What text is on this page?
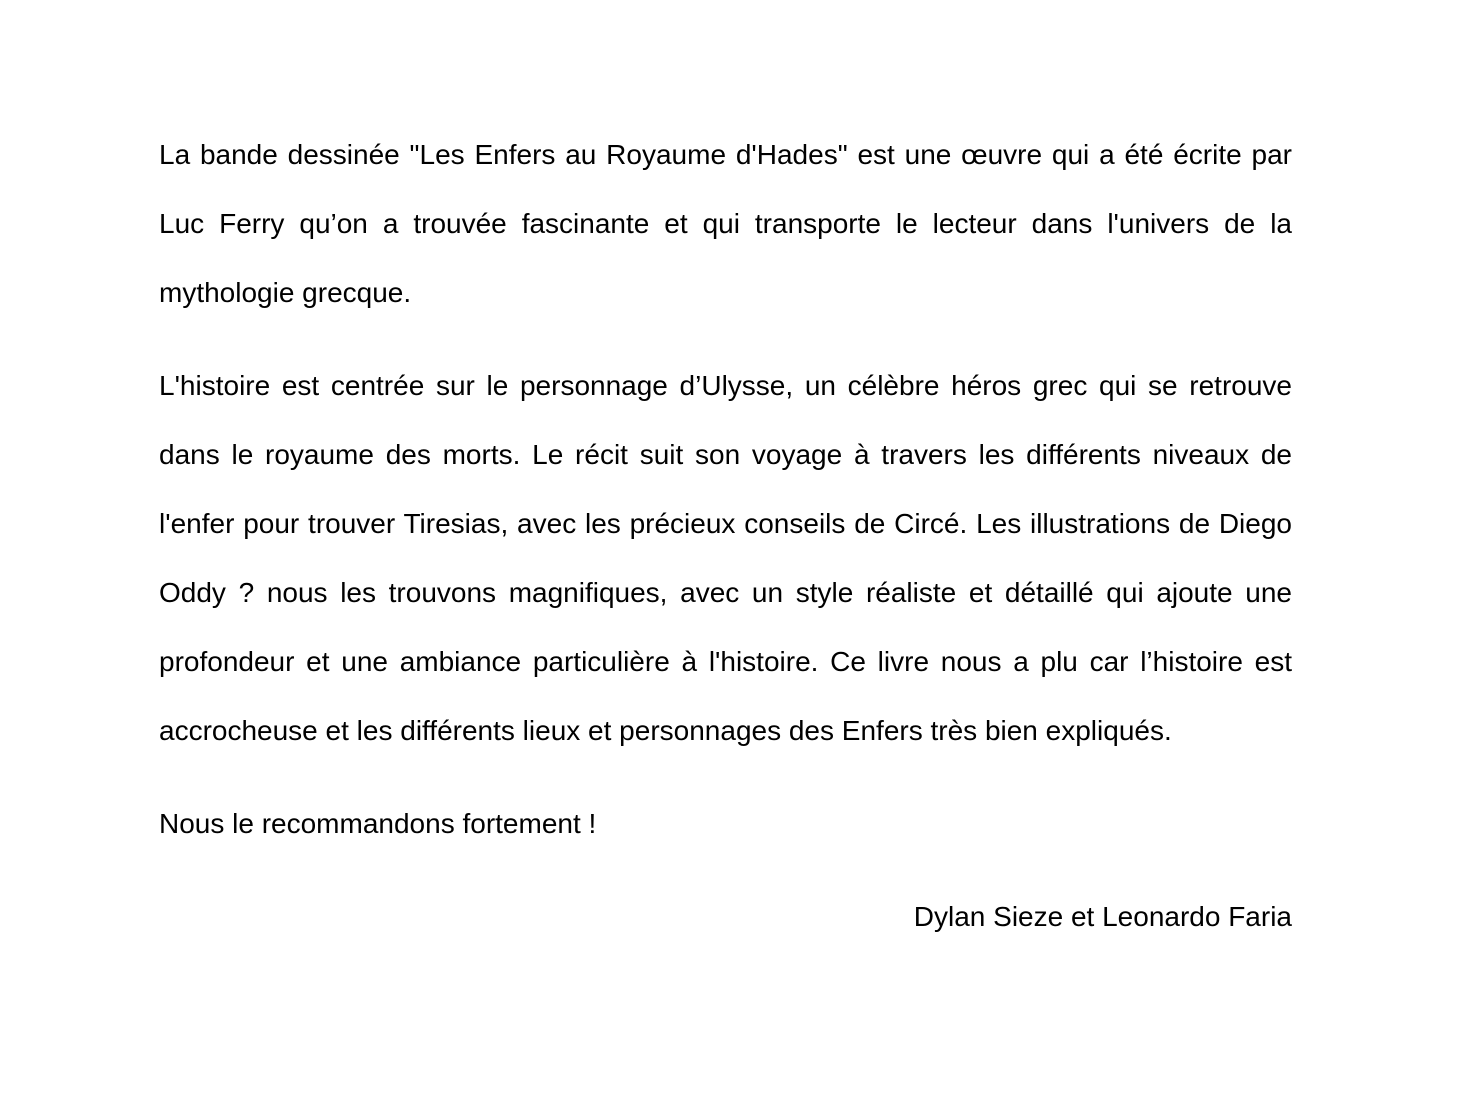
La bande dessinée "Les Enfers au Royaume d'Hades" est une œuvre qui a été écrite par Luc Ferry qu’on a trouvée fascinante et qui transporte le lecteur dans l'univers de la mythologie grecque.

L'histoire est centrée sur le personnage d’Ulysse, un célèbre héros grec qui se retrouve dans le royaume des morts. Le récit suit son voyage à travers les différents niveaux de l'enfer pour trouver Tiresias, avec les précieux conseils de Circé. Les illustrations de Diego Oddy ? nous les trouvons magnifiques, avec un style réaliste et détaillé qui ajoute une profondeur et une ambiance particulière à l'histoire. Ce livre nous a plu car l’histoire est accrocheuse et les différents lieux et personnages des Enfers très bien expliqués.

Nous le recommandons fortement !

Dylan Sieze et Leonardo Faria
